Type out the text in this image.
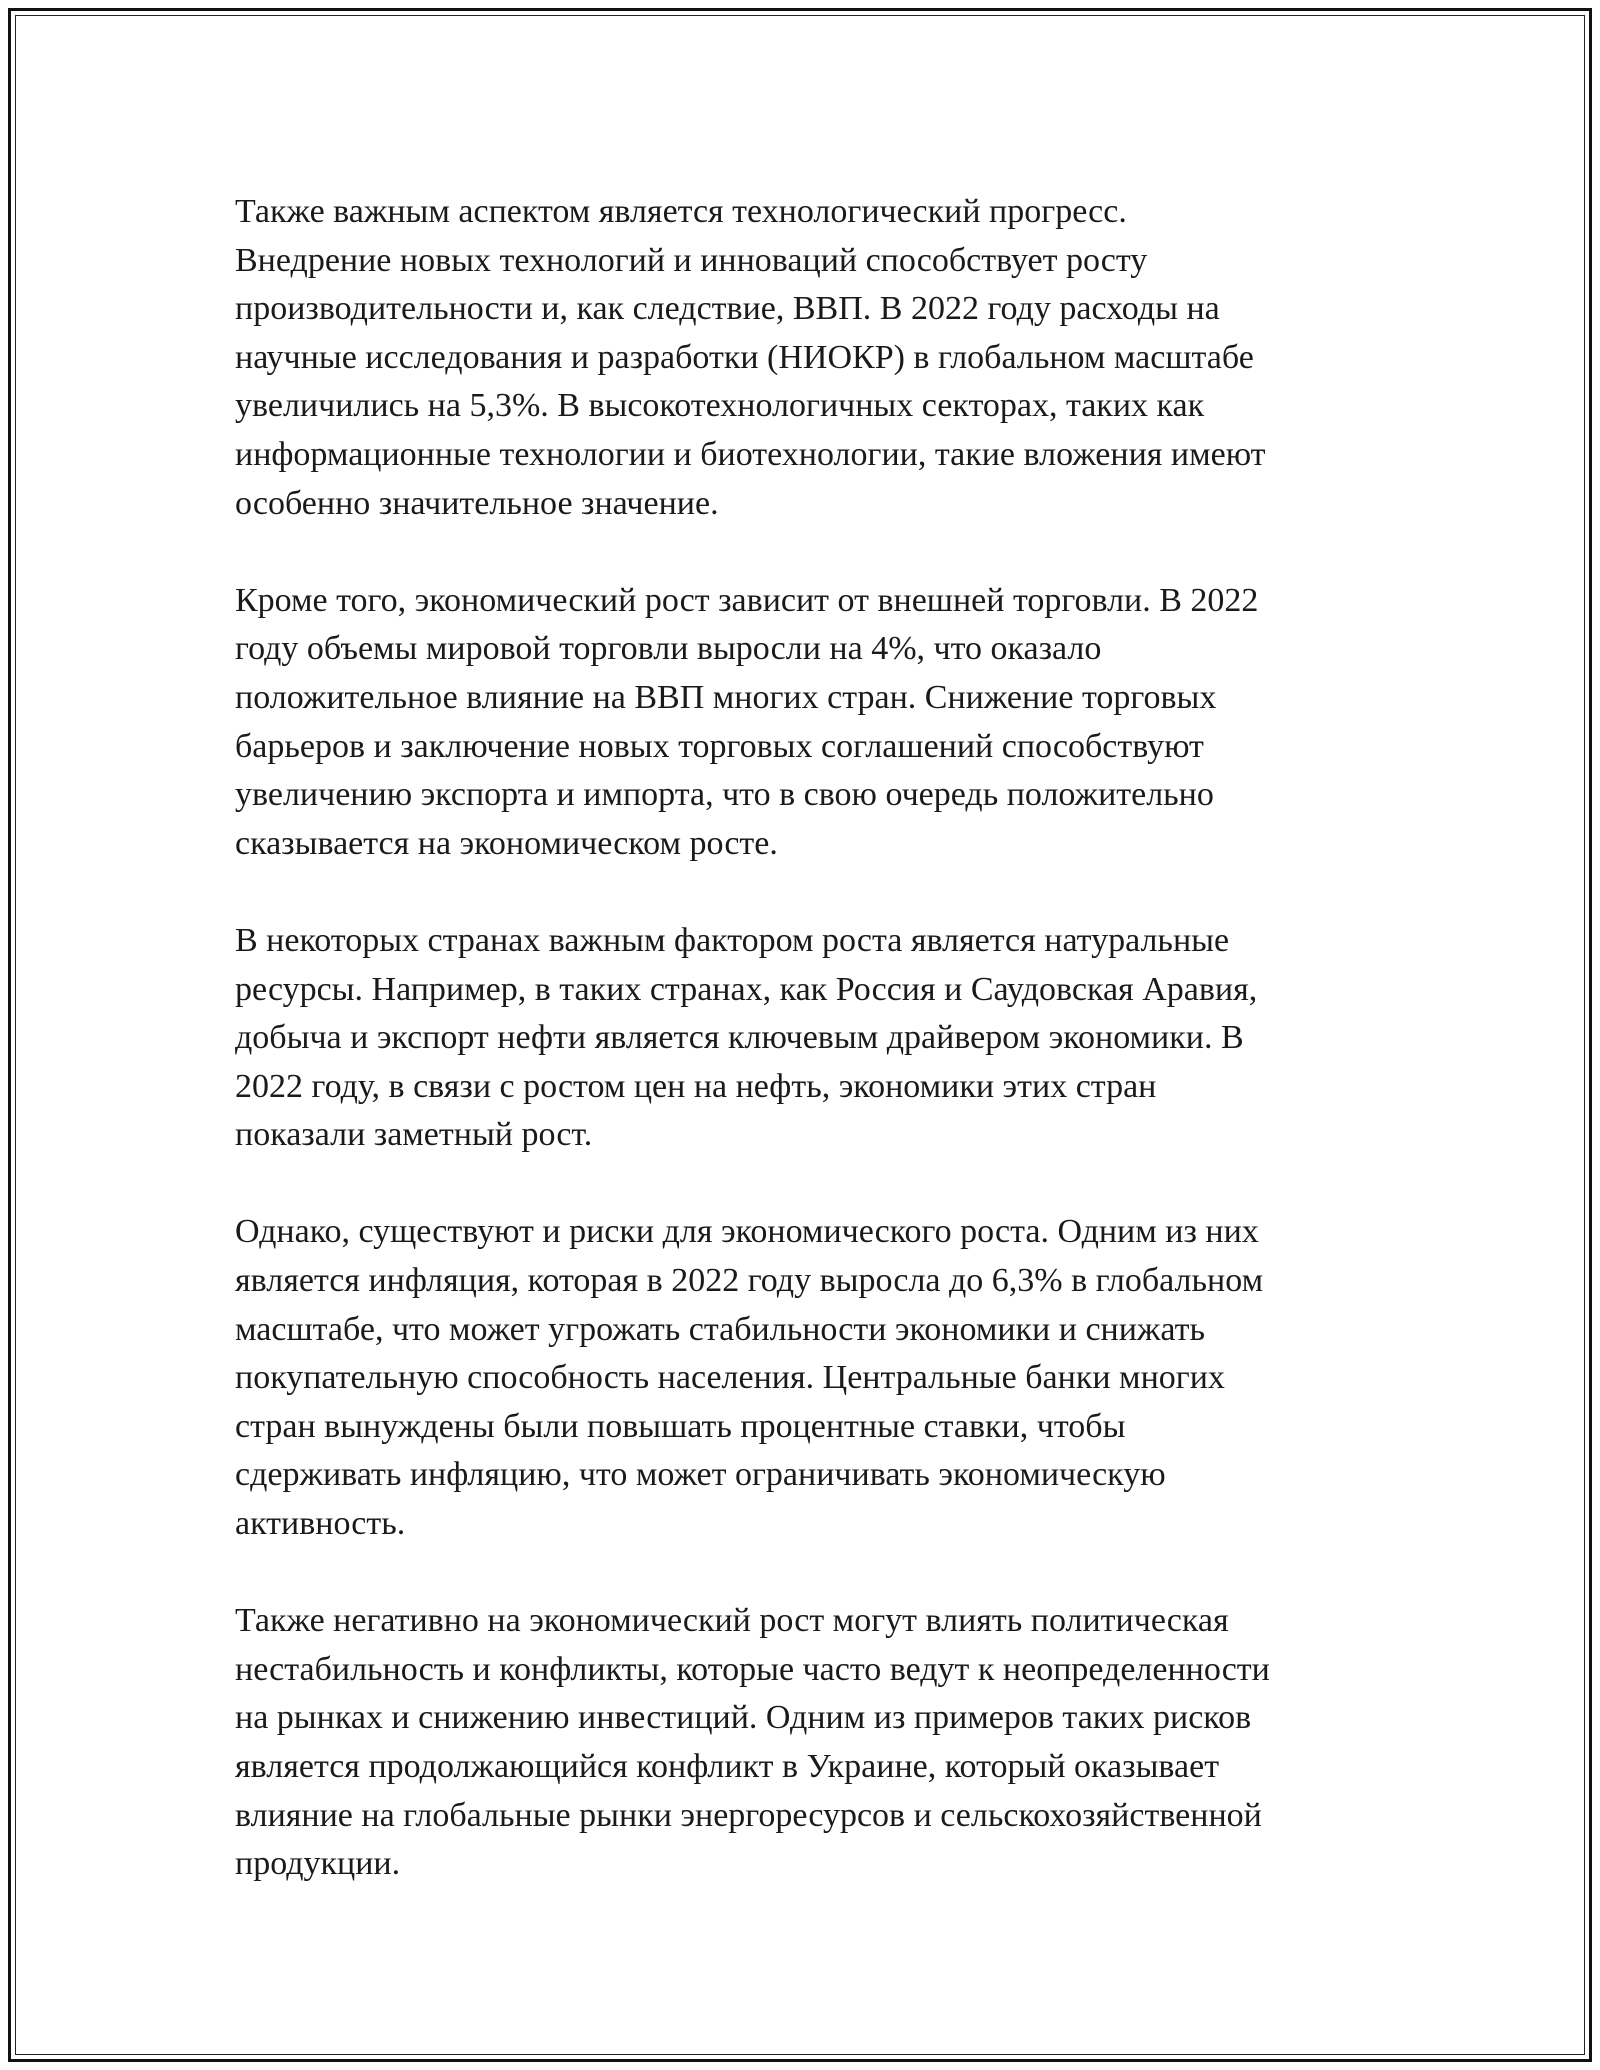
Также важным аспектом является технологический прогресс.
Внедрение новых технологий и инноваций способствует росту
производительности и, как следствие, ВВП. В 2022 году расходы на
научные исследования и разработки (НИОКР) в глобальном масштабе
увеличились на 5,3%. В высокотехнологичных секторах, таких как
информационные технологии и биотехнологии, такие вложения имеют
особенно значительное значение.

Кроме того, экономический рост зависит от внешней торговли. В 2022
году объемы мировой торговли выросли на 4%, что оказало
положительное влияние на ВВП многих стран. Снижение торговых
барьеров и заключение новых торговых соглашений способствуют
увеличению экспорта и импорта, что в свою очередь положительно
сказывается на экономическом росте.

В некоторых странах важным фактором роста является натуральные
ресурсы. Например, в таких странах, как Россия и Саудовская Аравия,
добыча и экспорт нефти является ключевым драйвером экономики. В
2022 году, в связи с ростом цен на нефть, экономики этих стран
показали заметный рост.

Однако, существуют и риски для экономического роста. Одним из них
является инфляция, которая в 2022 году выросла до 6,3% в глобальном
масштабе, что может угрожать стабильности экономики и снижать
покупательную способность населения. Центральные банки многих
стран вынуждены были повышать процентные ставки, чтобы
сдерживать инфляцию, что может ограничивать экономическую
активность.

Также негативно на экономический рост могут влиять политическая
нестабильность и конфликты, которые часто ведут к неопределенности
на рынках и снижению инвестиций. Одним из примеров таких рисков
является продолжающийся конфликт в Украине, который оказывает
влияние на глобальные рынки энергоресурсов и сельскохозяйственной
продукции.
